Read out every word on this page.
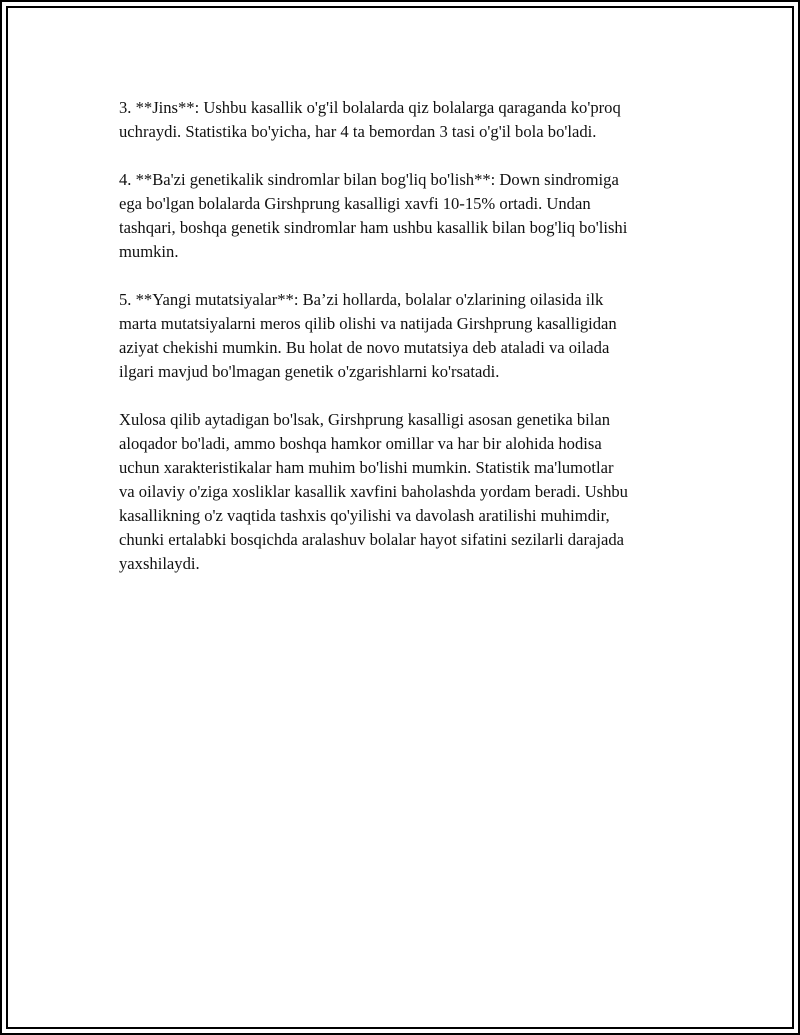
3. **Jins**: Ushbu kasallik o'g'il bolalarda qiz bolalarga qaraganda ko'proq
uchraydi. Statistika bo'yicha, har 4 ta bemordan 3 tasi o'g'il bola bo'ladi.

4. **Ba'zi genetikalik sindromlar bilan bog'liq bo'lish**: Down sindromiga
ega bo'lgan bolalarda Girshprung kasalligi xavfi 10-15% ortadi. Undan
tashqari, boshqa genetik sindromlar ham ushbu kasallik bilan bog'liq bo'lishi
mumkin.

5. **Yangi mutatsiyalar**: Ba’zi hollarda, bolalar o'zlarining oilasida ilk
marta mutatsiyalarni meros qilib olishi va natijada Girshprung kasalligidan
aziyat chekishi mumkin. Bu holat de novo mutatsiya deb ataladi va oilada
ilgari mavjud bo'lmagan genetik o'zgarishlarni ko'rsatadi.

Xulosa qilib aytadigan bo'lsak, Girshprung kasalligi asosan genetika bilan
aloqador bo'ladi, ammo boshqa hamkor omillar va har bir alohida hodisa
uchun xarakteristikalar ham muhim bo'lishi mumkin. Statistik ma'lumotlar
va oilaviy o'ziga xosliklar kasallik xavfini baholashda yordam beradi. Ushbu
kasallikning o'z vaqtida tashxis qo'yilishi va davolash aratilishi muhimdir,
chunki ertalabki bosqichda aralashuv bolalar hayot sifatini sezilarli darajada
yaxshilaydi.
